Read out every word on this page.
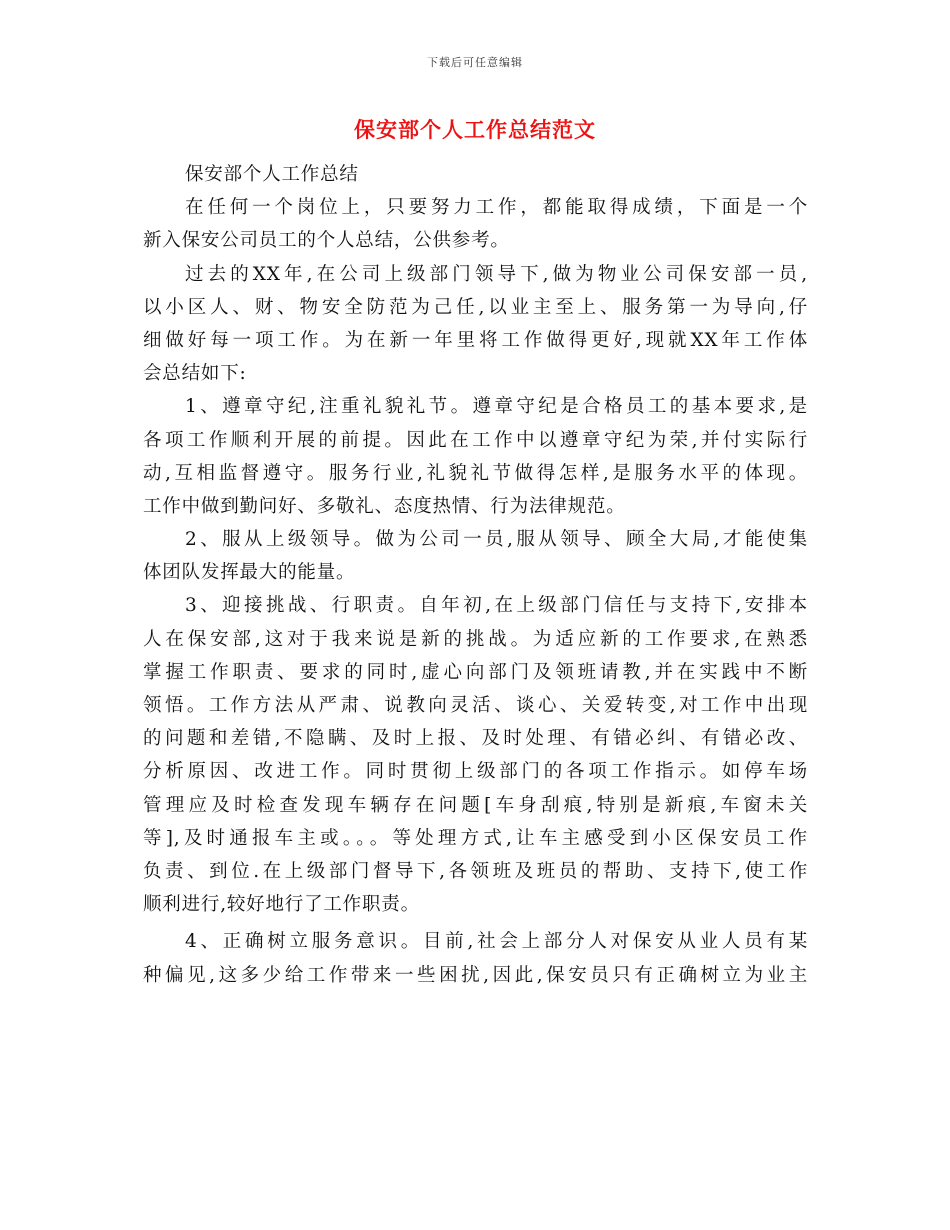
下载后可任意编辑
保安部个人工作总结范文
保安部个人工作总结
在任何一个岗位上，只要努力工作，都能取得成绩，下面是一个
新入保安公司员工的个人总结，公供参考。
过去的XX年,在公司上级部门领导下,做为物业公司保安部一员,
以小区人、财、物安全防范为己任,以业主至上、服务第一为导向,仔
细做好每一项工作。为在新一年里将工作做得更好,现就XX年工作体
会总结如下:
1、遵章守纪,注重礼貌礼节。遵章守纪是合格员工的基本要求,是
各项工作顺利开展的前提。因此在工作中以遵章守纪为荣,并付实际行
动,互相监督遵守。服务行业,礼貌礼节做得怎样,是服务水平的体现。
工作中做到勤问好、多敬礼、态度热情、行为法律规范。
2、服从上级领导。做为公司一员,服从领导、顾全大局,才能使集
体团队发挥最大的能量。
3、迎接挑战、行职责。自年初,在上级部门信任与支持下,安排本
人在保安部,这对于我来说是新的挑战。为适应新的工作要求,在熟悉
掌握工作职责、要求的同时,虚心向部门及领班请教,并在实践中不断
领悟。工作方法从严肃、说教向灵活、谈心、关爱转变,对工作中出现
的问题和差错,不隐瞒、及时上报、及时处理、有错必纠、有错必改、
分析原因、改进工作。同时贯彻上级部门的各项工作指示。如停车场
管理应及时检查发现车辆存在问题[车身刮痕,特别是新痕,车窗未关
等],及时通报车主或。。。等处理方式,让车主感受到小区保安员工作
负责、到位.在上级部门督导下,各领班及班员的帮助、支持下,使工作
顺利进行,较好地行了工作职责。
4、正确树立服务意识。目前,社会上部分人对保安从业人员有某
种偏见,这多少给工作带来一些困扰,因此,保安员只有正确树立为业主
